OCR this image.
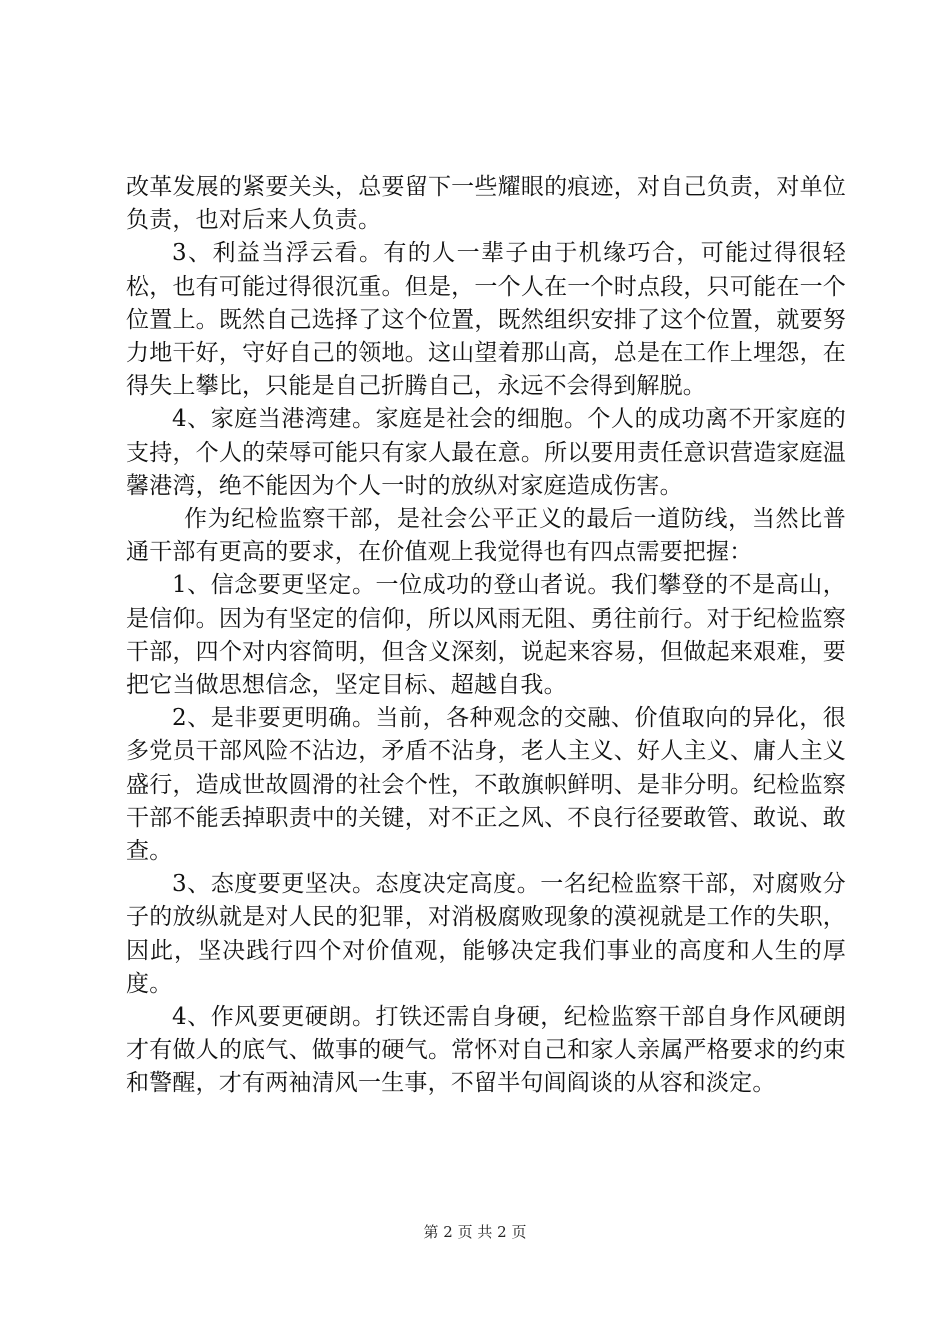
改革发展的紧要关头，总要留下一些耀眼的痕迹，对自己负责，对单位负责，也对后来人负责。

3、利益当浮云看。有的人一辈子由于机缘巧合，可能过得很轻松，也有可能过得很沉重。但是，一个人在一个时点段，只可能在一个位置上。既然自己选择了这个位置，既然组织安排了这个位置，就要努力地干好，守好自己的领地。这山望着那山高，总是在工作上埋怨，在得失上攀比，只能是自己折腾自己，永远不会得到解脱。

4、家庭当港湾建。家庭是社会的细胞。个人的成功离不开家庭的支持，个人的荣辱可能只有家人最在意。所以要用责任意识营造家庭温馨港湾，绝不能因为个人一时的放纵对家庭造成伤害。

作为纪检监察干部，是社会公平正义的最后一道防线，当然比普通干部有更高的要求，在价值观上我觉得也有四点需要把握：

1、信念要更坚定。一位成功的登山者说。我们攀登的不是高山，是信仰。因为有坚定的信仰，所以风雨无阻、勇往前行。对于纪检监察干部，四个对内容简明，但含义深刻，说起来容易，但做起来艰难，要把它当做思想信念，坚定目标、超越自我。

2、是非要更明确。当前，各种观念的交融、价值取向的异化，很多党员干部风险不沾边，矛盾不沾身，老人主义、好人主义、庸人主义盛行，造成世故圆滑的社会个性，不敢旗帜鲜明、是非分明。纪检监察干部不能丢掉职责中的关键，对不正之风、不良行径要敢管、敢说、敢查。

3、态度要更坚决。态度决定高度。一名纪检监察干部，对腐败分子的放纵就是对人民的犯罪，对消极腐败现象的漠视就是工作的失职，因此，坚决践行四个对价值观，能够决定我们事业的高度和人生的厚度。

4、作风要更硬朗。打铁还需自身硬，纪检监察干部自身作风硬朗才有做人的底气、做事的硬气。常怀对自己和家人亲属严格要求的约束和警醒，才有两袖清风一生事，不留半句闾阎谈的从容和淡定。

第 2 页 共 2 页
